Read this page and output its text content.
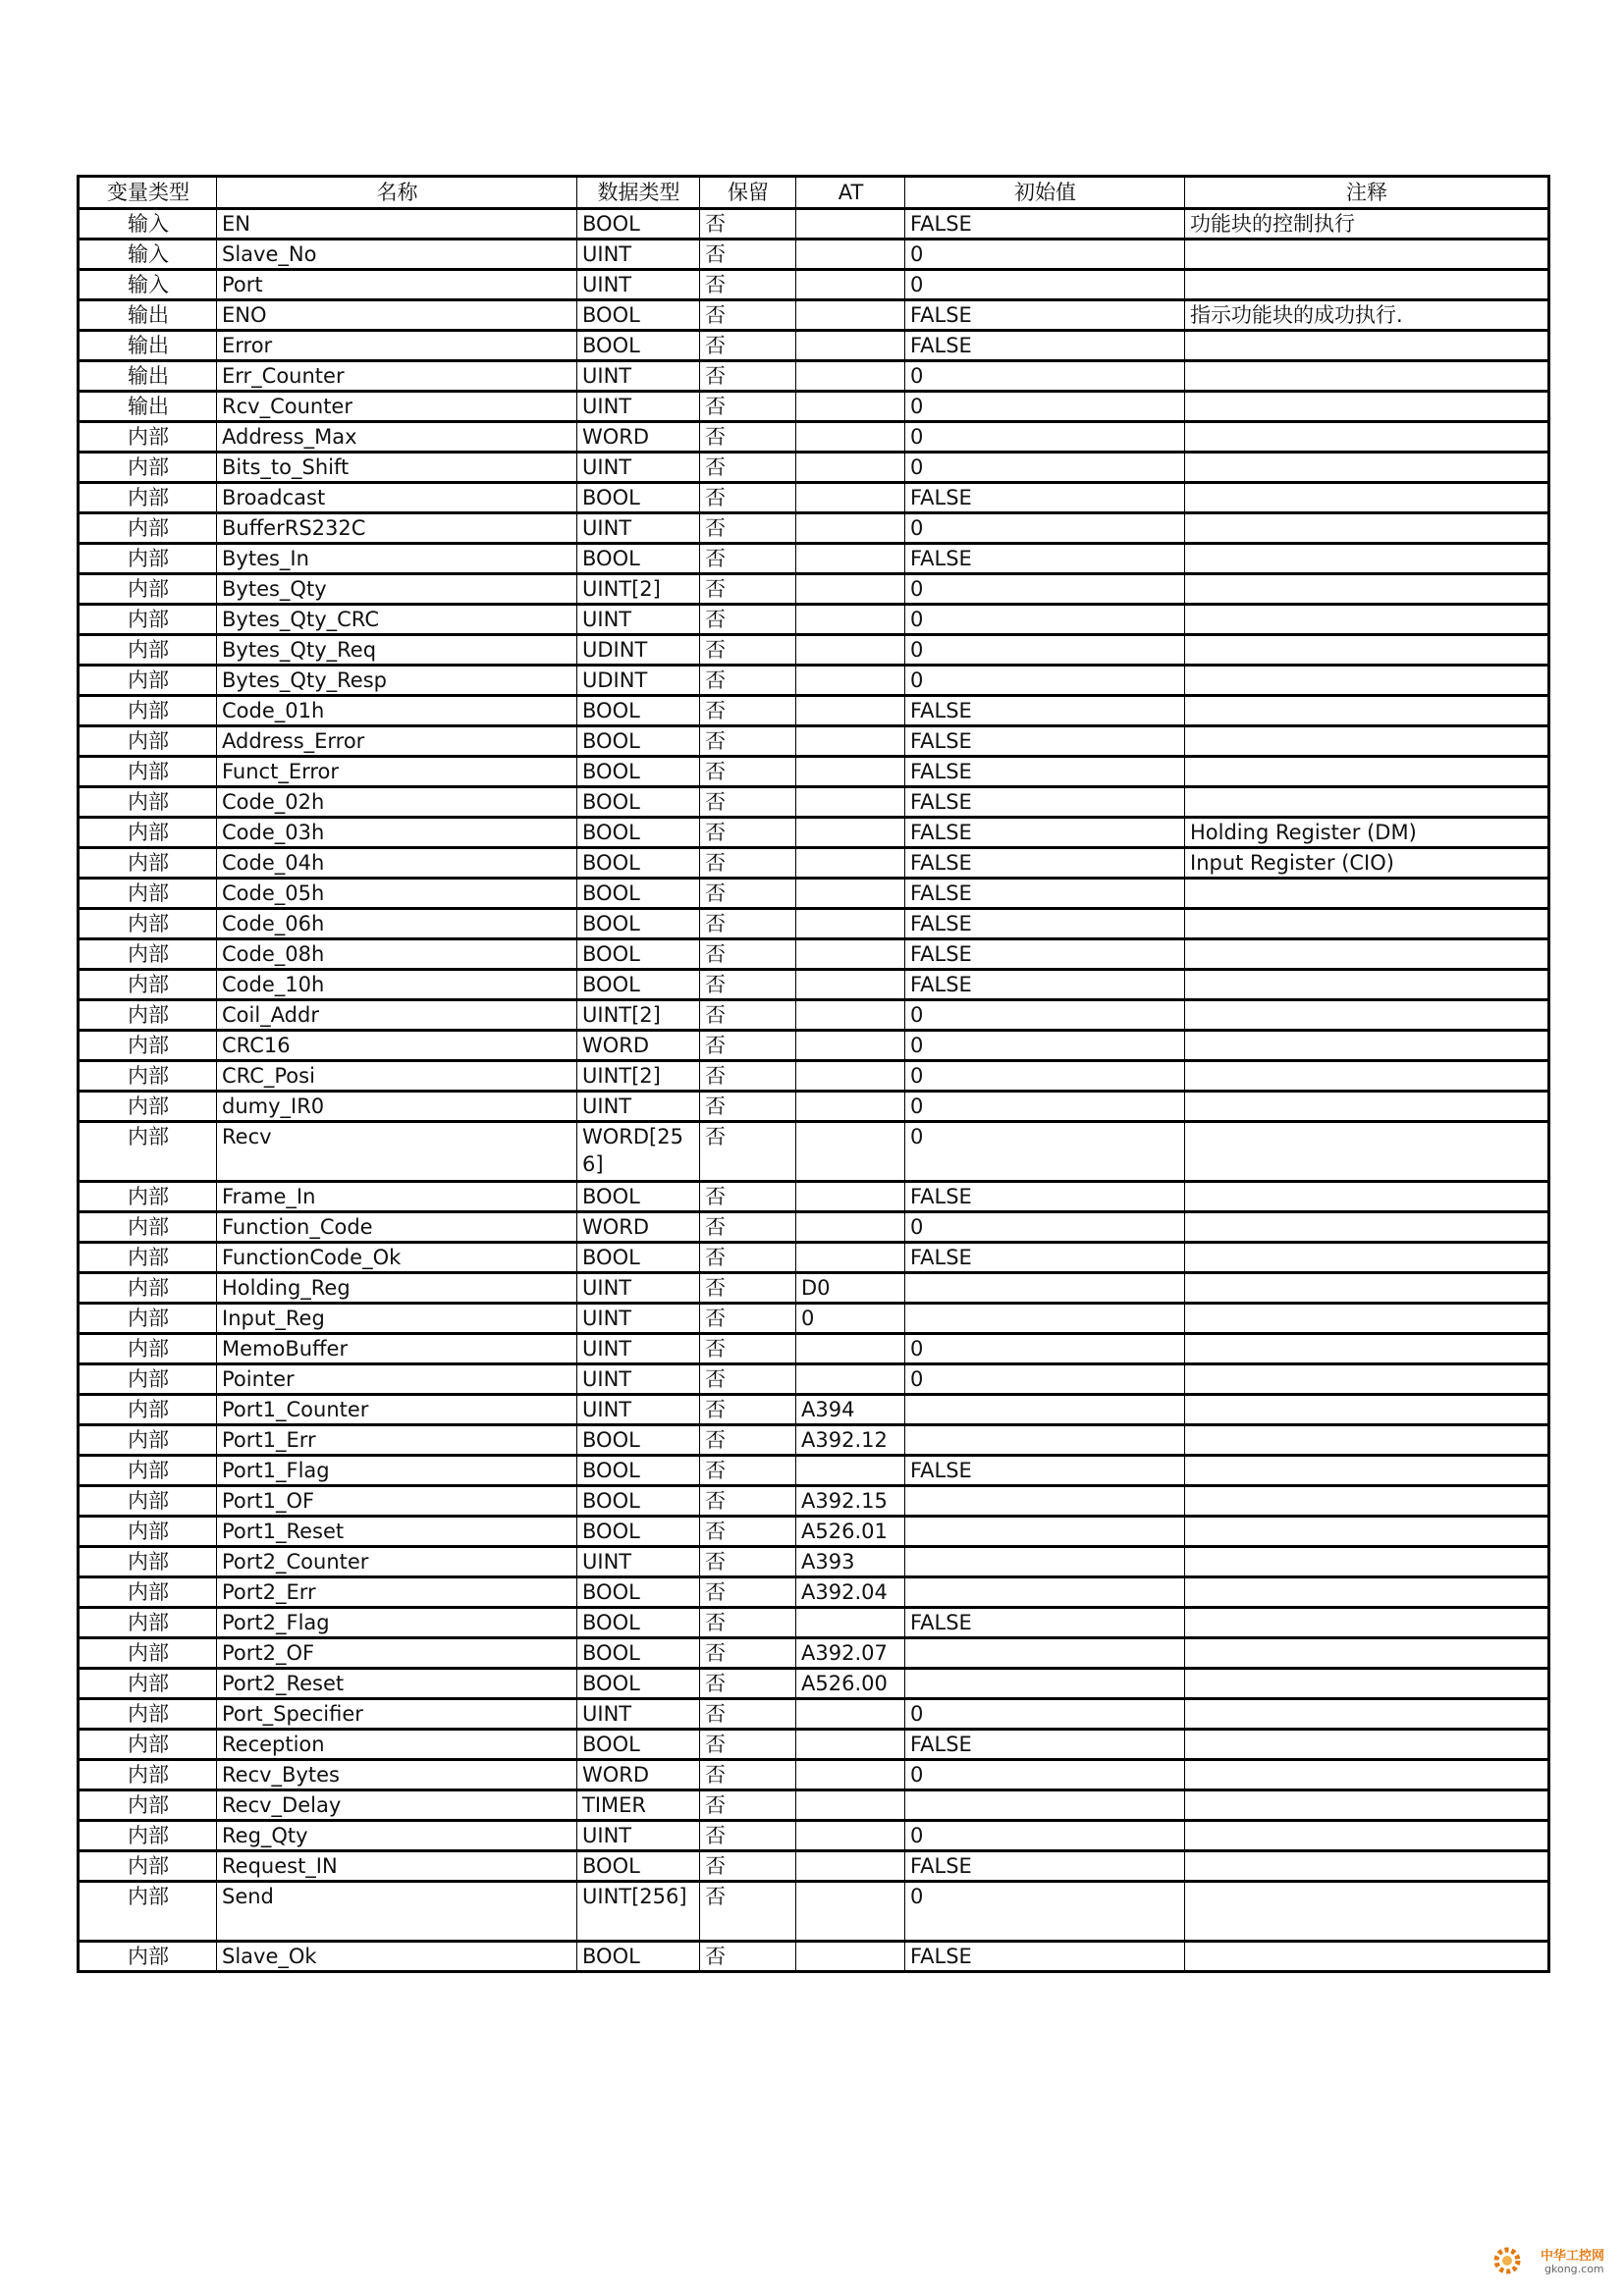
变量类型	名称	数据类型	保留	AT	初始值	注释
输入	EN	BOOL	否		FALSE	功能块的控制执行
输入	Slave_No	UINT	否		0	
输入	Port	UINT	否		0	
输出	ENO	BOOL	否		FALSE	指示功能块的成功执行.
输出	Error	BOOL	否		FALSE	
输出	Err_Counter	UINT	否		0	
输出	Rcv_Counter	UINT	否		0	
内部	Address_Max	WORD	否		0	
内部	Bits_to_Shift	UINT	否		0	
内部	Broadcast	BOOL	否		FALSE	
内部	BufferRS232C	UINT	否		0	
内部	Bytes_In	BOOL	否		FALSE	
内部	Bytes_Qty	UINT[2]	否		0	
内部	Bytes_Qty_CRC	UINT	否		0	
内部	Bytes_Qty_Req	UDINT	否		0	
内部	Bytes_Qty_Resp	UDINT	否		0	
内部	Code_01h	BOOL	否		FALSE	
内部	Address_Error	BOOL	否		FALSE	
内部	Funct_Error	BOOL	否		FALSE	
内部	Code_02h	BOOL	否		FALSE	
内部	Code_03h	BOOL	否		FALSE	Holding Register (DM)
内部	Code_04h	BOOL	否		FALSE	Input Register (CIO)
内部	Code_05h	BOOL	否		FALSE	
内部	Code_06h	BOOL	否		FALSE	
内部	Code_08h	BOOL	否		FALSE	
内部	Code_10h	BOOL	否		FALSE	
内部	Coil_Addr	UINT[2]	否		0	
内部	CRC16	WORD	否		0	
内部	CRC_Posi	UINT[2]	否		0	
内部	dumy_IR0	UINT	否		0	
内部	Recv	WORD[256]	否		0	
内部	Frame_In	BOOL	否		FALSE	
内部	Function_Code	WORD	否		0	
内部	FunctionCode_Ok	BOOL	否		FALSE	
内部	Holding_Reg	UINT	否	D0		
内部	Input_Reg	UINT	否	0		
内部	MemoBuffer	UINT	否		0	
内部	Pointer	UINT	否		0	
内部	Port1_Counter	UINT	否	A394		
内部	Port1_Err	BOOL	否	A392.12		
内部	Port1_Flag	BOOL	否		FALSE	
内部	Port1_OF	BOOL	否	A392.15		
内部	Port1_Reset	BOOL	否	A526.01		
内部	Port2_Counter	UINT	否	A393		
内部	Port2_Err	BOOL	否	A392.04		
内部	Port2_Flag	BOOL	否		FALSE	
内部	Port2_OF	BOOL	否	A392.07		
内部	Port2_Reset	BOOL	否	A526.00		
内部	Port_Specifier	UINT	否		0	
内部	Reception	BOOL	否		FALSE	
内部	Recv_Bytes	WORD	否		0	
内部	Recv_Delay	TIMER	否			
内部	Reg_Qty	UINT	否		0	
内部	Request_IN	BOOL	否		FALSE	
内部	Send	UINT[256]	否		0	
内部	Slave_Ok	BOOL	否		FALSE	
中华工控网
gkong.com
